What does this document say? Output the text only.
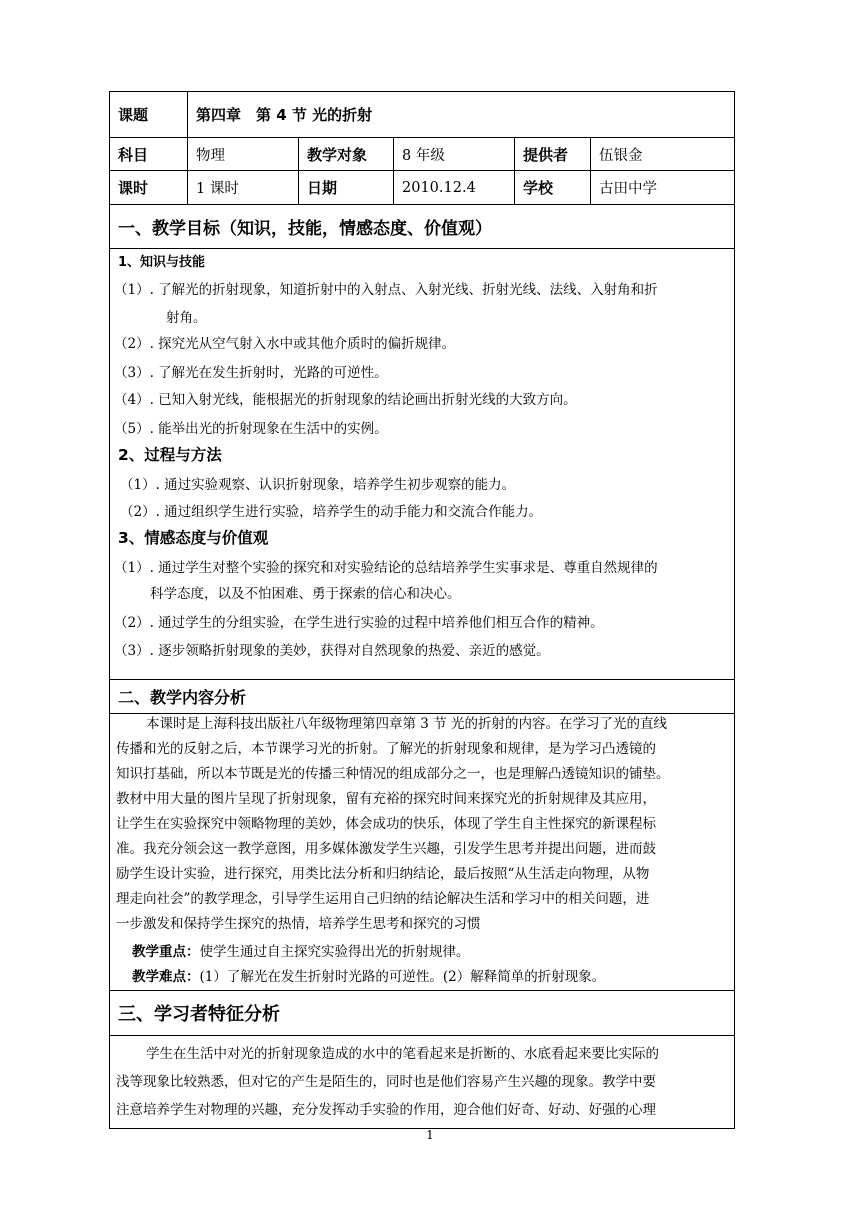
课题	第四章　第 4 节 光的折射
科目	物理	教学对象	8 年级	提供者	伍银金
课时	1 课时	日期	2010.12.4	学校	古田中学
一、教学目标（知识，技能，情感态度、价值观）
1、知识与技能
（1）. 了解光的折射现象，知道折射中的入射点、入射光线、折射光线、法线、入射角和折
射角。
（2）. 探究光从空气射入水中或其他介质时的偏折规律。
（3）. 了解光在发生折射时，光路的可逆性。
（4）. 已知入射光线，能根据光的折射现象的结论画出折射光线的大致方向。
（5）. 能举出光的折射现象在生活中的实例。
2、过程与方法
（1）. 通过实验观察、认识折射现象，培养学生初步观察的能力。
（2）. 通过组织学生进行实验，培养学生的动手能力和交流合作能力。
3、情感态度与价值观
（1）. 通过学生对整个实验的探究和对实验结论的总结培养学生实事求是、尊重自然规律的
科学态度，以及不怕困难、勇于探索的信心和决心。
（2）. 通过学生的分组实验，在学生进行实验的过程中培养他们相互合作的精神。
（3）. 逐步领略折射现象的美妙，获得对自然现象的热爱、亲近的感觉。
二、教学内容分析
本课时是上海科技出版社八年级物理第四章第 3 节 光的折射的内容。在学习了光的直线
传播和光的反射之后，本节课学习光的折射。了解光的折射现象和规律，是为学习凸透镜的
知识打基础，所以本节既是光的传播三种情况的组成部分之一，也是理解凸透镜知识的铺垫。
教材中用大量的图片呈现了折射现象，留有充裕的探究时间来探究光的折射规律及其应用，
让学生在实验探究中领略物理的美妙，体会成功的快乐，体现了学生自主性探究的新课程标
准。我充分领会这一教学意图，用多媒体激发学生兴趣，引发学生思考并提出问题，进而鼓
励学生设计实验，进行探究，用类比法分析和归纳结论，最后按照“从生活走向物理，从物
理走向社会”的教学理念，引导学生运用自己归纳的结论解决生活和学习中的相关问题，进
一步激发和保持学生探究的热情，培养学生思考和探究的习惯
教学重点：使学生通过自主探究实验得出光的折射规律。
教学难点：(1）了解光在发生折射时光路的可逆性。(2）解释简单的折射现象。
三、学习者特征分析
学生在生活中对光的折射现象造成的水中的笔看起来是折断的、水底看起来要比实际的
浅等现象比较熟悉，但对它的产生是陌生的，同时也是他们容易产生兴趣的现象。教学中要
注意培养学生对物理的兴趣，充分发挥动手实验的作用，迎合他们好奇、好动、好强的心理
1
